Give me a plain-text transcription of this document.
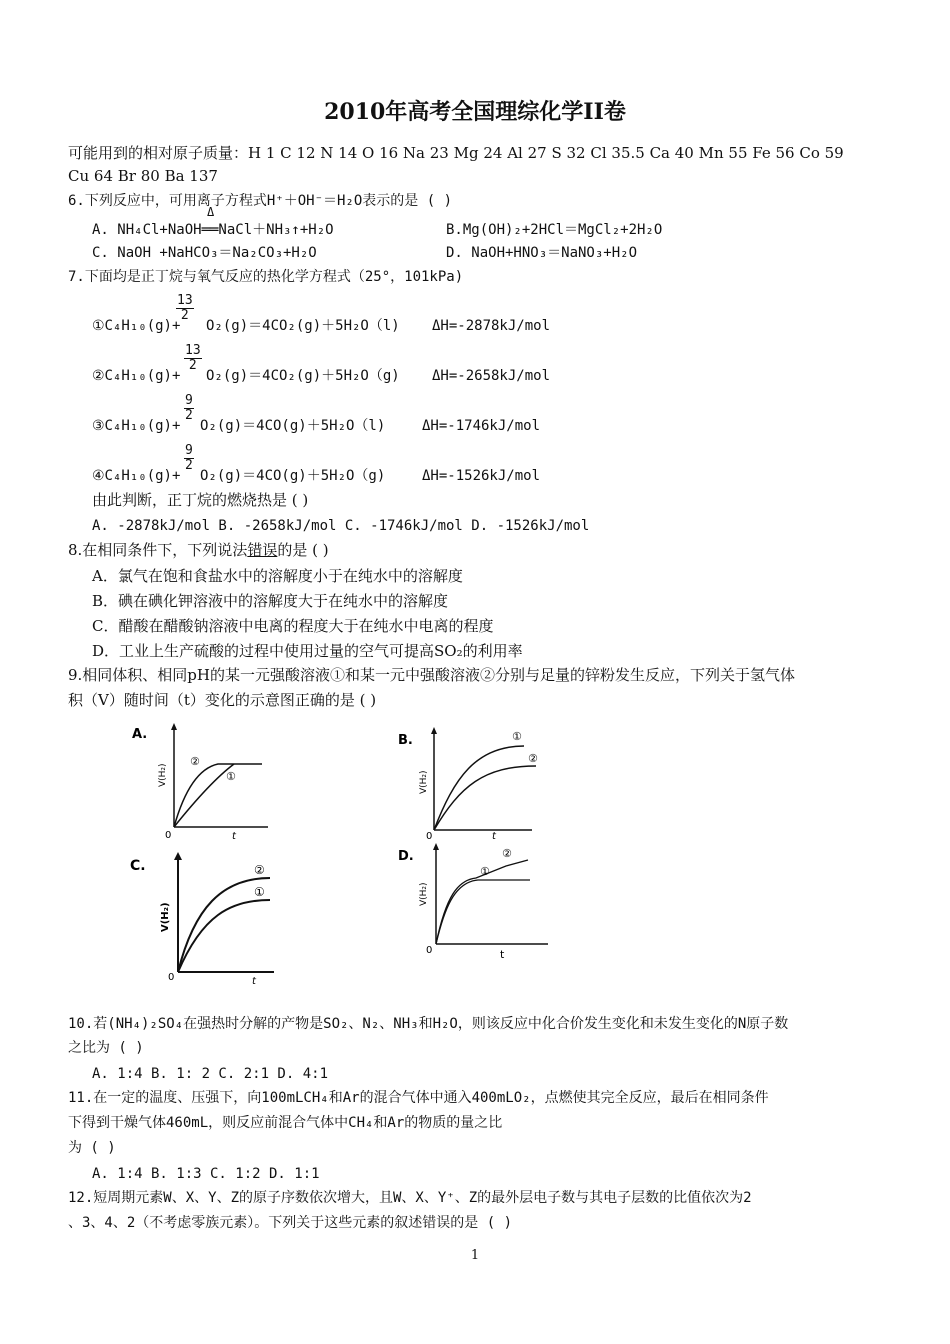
2010年高考全国理综化学II卷
可能用到的相对原子质量：H 1 C 12 N 14 O 16 Na 23 Mg 24 Al 27 S 32 Cl 35.5 Ca 40 Mn 55 Fe 56 Co 59
Cu 64 Br 80 Ba 137
6.下列反应中，可用离子方程式H⁺＋OH⁻＝H₂O表示的是 ( )
Δ
A. NH₄Cl+NaOH══NaCl＋NH₃↑+H₂O	B.Mg(OH)₂+2HCl＝MgCl₂+2H₂O
C. NaOH +NaHCO₃＝Na₂CO₃+H₂O	D. NaOH+HNO₃＝NaNO₃+H₂O
7.下面均是正丁烷与氧气反应的热化学方程式（25°，101kPa)
①C₄H₁₀(g)+
$\frac{13}{2}$
O₂(g)＝4CO₂(g)＋5H₂O（l) ΔH=-2878kJ/mol
②C₄H₁₀(g)+
$\frac{13}{2}$
O₂(g)＝4CO₂(g)＋5H₂O（g) ΔH=-2658kJ/mol
③C₄H₁₀(g)+
$\frac{9}{2}$
O₂(g)＝4CO(g)＋5H₂O（l)	ΔH=-1746kJ/mol
④C₄H₁₀(g)+
$\frac{9}{2}$
O₂(g)＝4CO(g)＋5H₂O（g)	ΔH=-1526kJ/mol
由此判断，正丁烷的燃烧热是 ( )
A. -2878kJ/mol B. -2658kJ/mol C. -1746kJ/mol D. -1526kJ/mol
8.在相同条件下，下列说法错误的是 ( )
A．氯气在饱和食盐水中的溶解度小于在纯水中的溶解度
B．碘在碘化钾溶液中的溶解度大于在纯水中的溶解度
C．醋酸在醋酸钠溶液中电离的程度大于在纯水中电离的程度
D．工业上生产硫酸的过程中使用过量的空气可提高SO₂的利用率
9.相同体积、相同pH的某一元强酸溶液①和某一元中强酸溶液②分别与足量的锌粉发生反应，下列关于氢气体
积（V）随时间（t）变化的示意图正确的是 ( )
A.
②
①
V(H₂)
0	t
B.	①
②
V(H₂)
0	t
C.	②
①
V(H₂)
0	t
D.	②
①
V(H₂)
0	t
10.若(NH₄)₂SO₄在强热时分解的产物是SO₂、N₂、NH₃和H₂O，则该反应中化合价发生变化和未发生变化的N原子数
之比为 ( )
A. 1:4 B. 1: 2 C. 2:1 D. 4:1
11.在一定的温度、压强下，向100mLCH₄和Ar的混合气体中通入400mLO₂，点燃使其完全反应，最后在相同条件
下得到干燥气体460mL，则反应前混合气体中CH₄和Ar的物质的量之比
为 ( )
A. 1:4 B. 1:3 C. 1:2 D. 1:1
12.短周期元素W、X、Y、Z的原子序数依次增大，且W、X、Y⁺、Z的最外层电子数与其电子层数的比值依次为2
、3、4、2（不考虑零族元素）。下列关于这些元素的叙述错误的是 ( )
1
